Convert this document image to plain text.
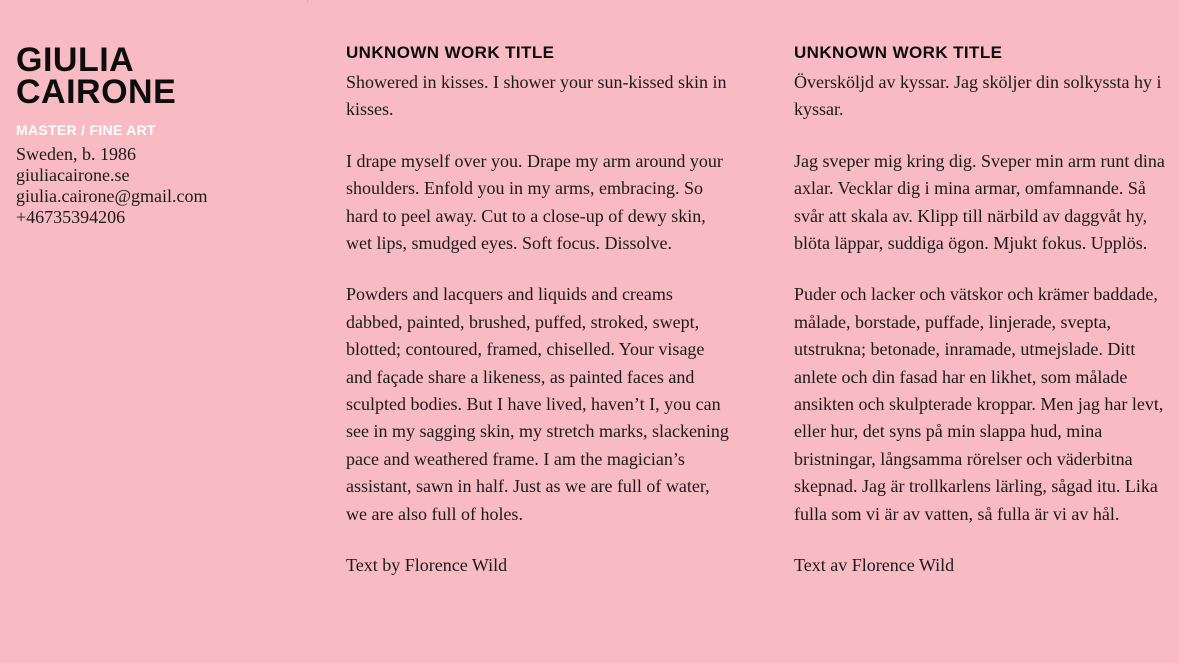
GIULIA
CAIRONE
MASTER / FINE ART
Sweden, b. 1986
giuliacairone.se
giulia.cairone@gmail.com
+46735394206
UNKNOWN WORK TITLE

Showered in kisses. I shower your sun-kissed skin in kisses.

I drape myself over you. Drape my arm around your shoulders. Enfold you in my arms, embracing. So hard to peel away. Cut to a close-up of dewy skin, wet lips, smudged eyes. Soft focus. Dissolve.

Powders and lacquers and liquids and creams dabbed, painted, brushed, puffed, stroked, swept, blotted; contoured, framed, chiselled. Your visage and façade share a likeness, as painted faces and sculpted bodies. But I have lived, haven’t I, you can see in my sagging skin, my stretch marks, slackening pace and weathered frame. I am the magician’s assistant, sawn in half. Just as we are full of water, we are also full of holes.

Text by Florence Wild

UNKNOWN WORK TITLE

Översköljd av kyssar. Jag sköljer din solkyssta hy i kyssar.

Jag sveper mig kring dig. Sveper min arm runt dina axlar. Vecklar dig i mina armar, omfamnande. Så svår att skala av. Klipp till närbild av daggvåt hy, blöta läppar, suddiga ögon. Mjukt fokus. Upplös.

Puder och lacker och vätskor och krämer baddade, målade, borstade, puffade, linjerade, svepta, utstrukna; betonade, inramade, utmejslade. Ditt anlete och din fasad har en likhet, som målade ansikten och skulpterade kroppar. Men jag har levt, eller hur, det syns på min slappa hud, mina bristningar, långsamma rörelser och väderbitna skepnad. Jag är trollkarlens lärling, sågad itu. Lika fulla som vi är av vatten, så fulla är vi av hål.

Text av Florence Wild
